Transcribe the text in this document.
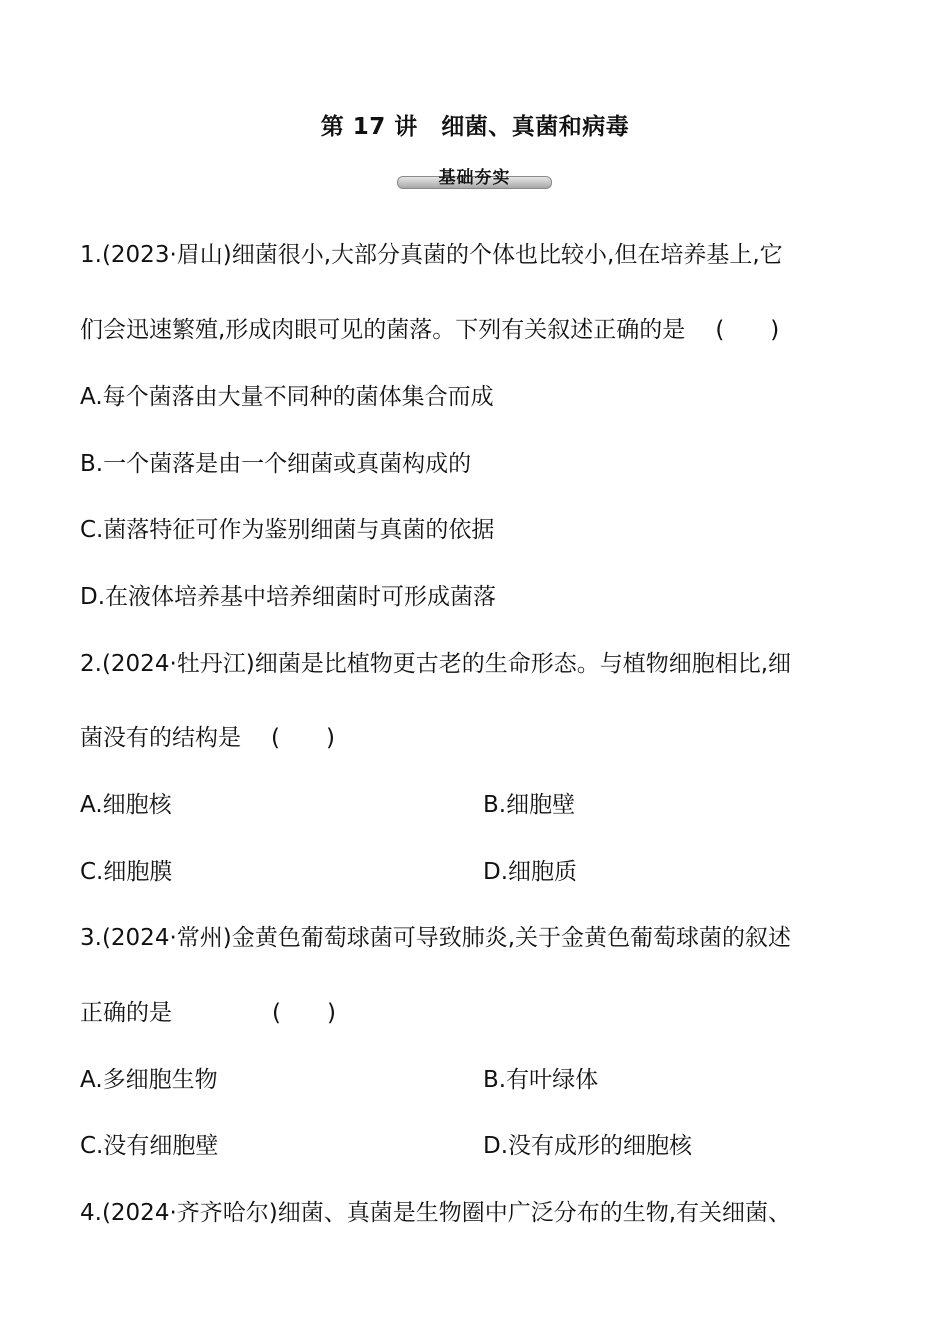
第 17 讲　细菌、真菌和病毒
基础夯实
1.(2023·眉山)细菌很小,大部分真菌的个体也比较小,但在培养基上,它
们会迅速繁殖,形成肉眼可见的菌落。下列有关叙述正确的是 (　　)
A.每个菌落由大量不同种的菌体集合而成
B.一个菌落是由一个细菌或真菌构成的
C.菌落特征可作为鉴别细菌与真菌的依据
D.在液体培养基中培养细菌时可形成菌落
2.(2024·牡丹江)细菌是比植物更古老的生命形态。与植物细胞相比,细
菌没有的结构是 (　　)
A.细胞核	B.细胞壁
C.细胞膜	D.细胞质
3.(2024·常州)金黄色葡萄球菌可导致肺炎,关于金黄色葡萄球菌的叙述
正确的是	(　　)
A.多细胞生物	B.有叶绿体
C.没有细胞壁	D.没有成形的细胞核
4.(2024·齐齐哈尔)细菌、真菌是生物圈中广泛分布的生物,有关细菌、
